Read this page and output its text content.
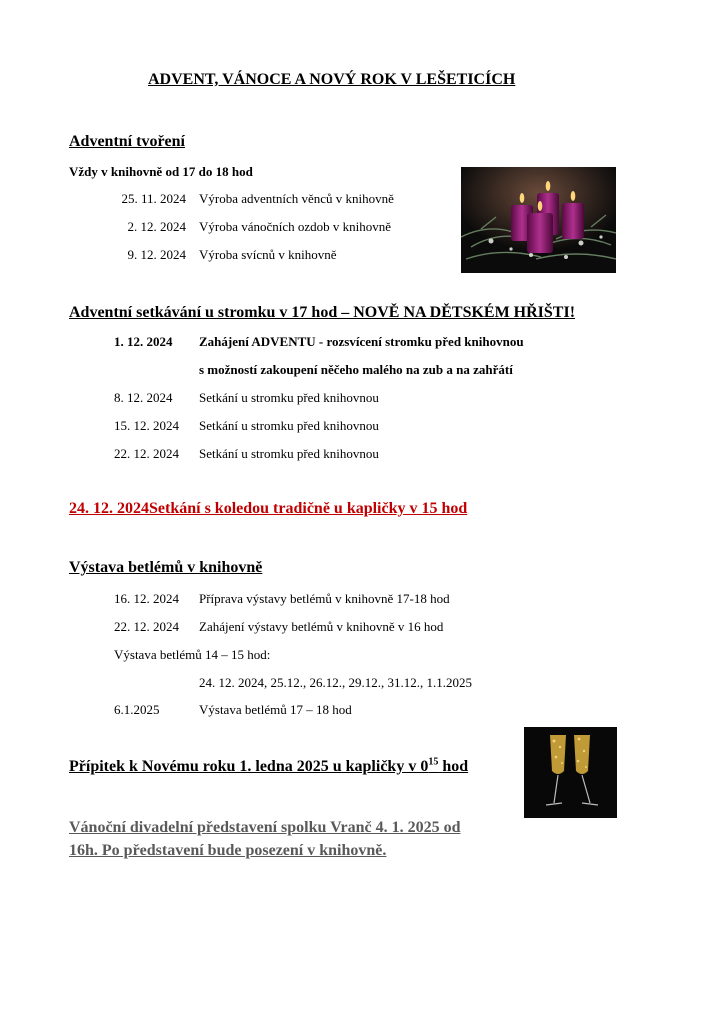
ADVENT, VÁNOCE A NOVÝ ROK V LEŠETICÍCH
Adventní tvoření
Vždy v knihovně od 17 do 18 hod
25. 11. 2024 Výroba adventních věnců v knihovně
2. 12. 2024 Výroba vánočních ozdob v knihovně
9. 12. 2024 Výroba svícnů v knihovně
Adventní setkávání u stromku v 17 hod – NOVĚ NA DĚTSKÉM HŘIŠTI!
1. 12. 2024 Zahájení ADVENTU - rozsvícení stromku před knihovnou
s možností zakoupení něčeho malého na zub a na zahřátí
8. 12. 2024 Setkání u stromku před knihovnou
15. 12. 2024 Setkání u stromku před knihovnou
22. 12. 2024 Setkání u stromku před knihovnou
24. 12. 2024Setkání s koledou tradičně u kapličky v 15 hod
Výstava betlémů v knihovně
16. 12. 2024 Příprava výstavy betlémů v knihovně 17-18 hod
22. 12. 2024 Zahájení výstavy betlémů v knihovně v 16 hod
Výstava betlémů 14 – 15 hod:
24. 12. 2024, 25.12., 26.12., 29.12., 31.12., 1.1.2025
6.1.2025	Výstava betlémů 17 – 18 hod
Přípitek k Novému roku 1. ledna 2025 u kapličky v $0^{15}$ hod
Vánoční divadelní představení spolku Vranč 4. 1. 2025 od
16h. Po představení bude posezení v knihovně.
